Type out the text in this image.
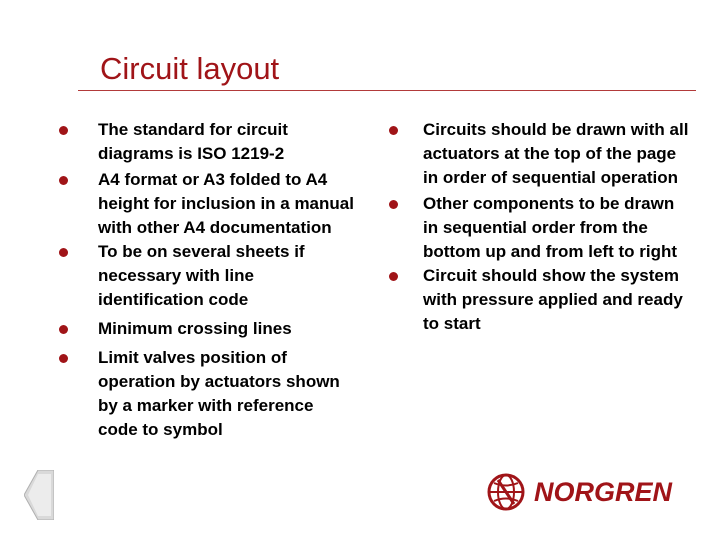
Circuit layout
The standard for circuit diagrams is ISO 1219-2
A4 format or A3 folded to A4 height for inclusion in a manual with other A4 documentation
To be on several sheets if necessary with line identification code
Minimum crossing lines
Limit valves position of operation by actuators shown by a marker with reference code to symbol
Circuits should be drawn with all actuators at the top of the page in order of sequential operation
Other components to be drawn in sequential order from the bottom up and from left to right
Circuit should show the system with pressure applied and ready to start
NORGREN
